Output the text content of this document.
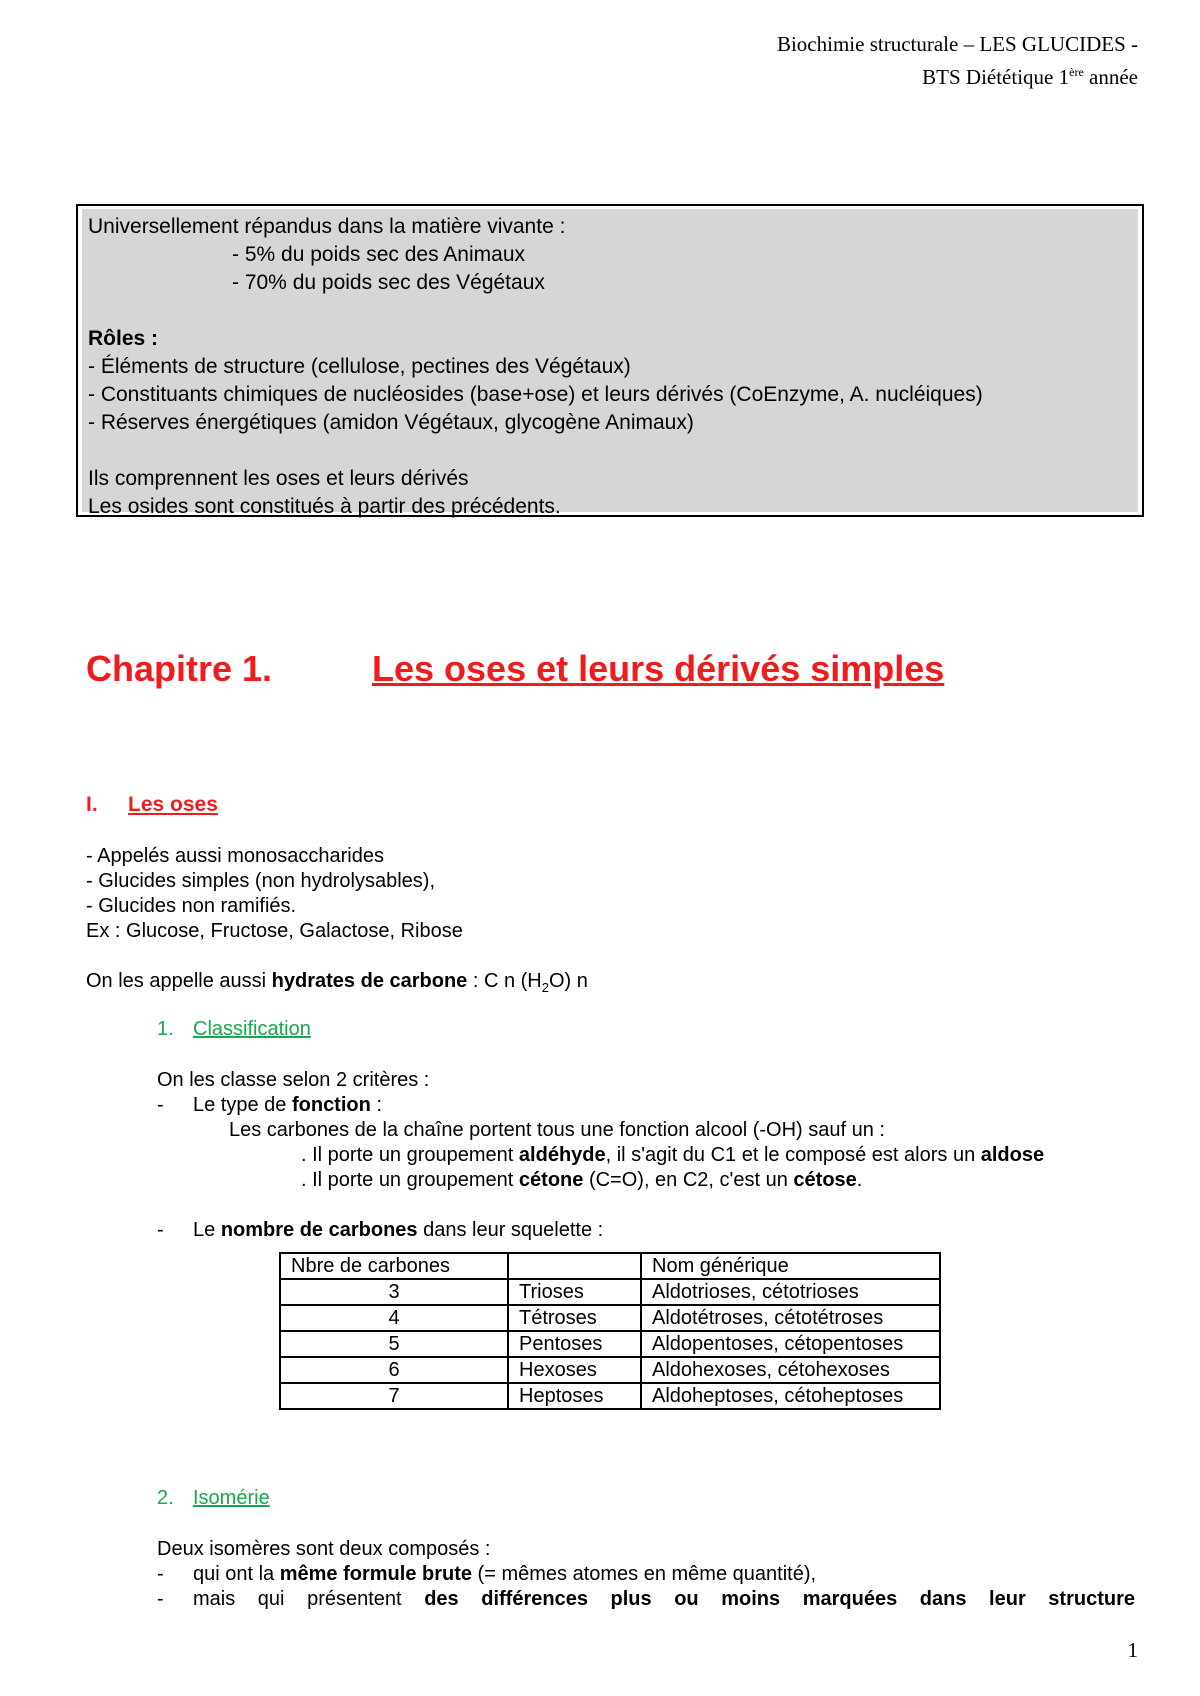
Biochimie structurale – LES GLUCIDES -
BTS Diététique 1ère année
Universellement répandus dans la matière vivante :
- 5% du poids sec des Animaux
- 70% du poids sec des Végétaux
Rôles :
- Éléments de structure (cellulose, pectines des Végétaux)
- Constituants chimiques de nucléosides (base+ose) et leurs dérivés (CoEnzyme, A. nucléiques)
- Réserves énergétiques (amidon Végétaux, glycogène Animaux)
Ils comprennent les oses et leurs dérivés
Les osides sont constitués à partir des précédents.
Chapitre 1.	Les oses et leurs dérivés simples
I. Les oses
- Appelés aussi monosaccharides
- Glucides simples (non hydrolysables),
- Glucides non ramifiés.
Ex : Glucose, Fructose, Galactose, Ribose
On les appelle aussi hydrates de carbone : C n $(H_2O)$ n
1. Classification
On les classe selon 2 critères :
- Le type de fonction :
Les carbones de la chaîne portent tous une fonction alcool (-OH) sauf un :
. Il porte un groupement aldéhyde, il s'agit du C1 et le composé est alors un aldose
. Il porte un groupement cétone (C=O), en C2, c'est un cétose.
- Le nombre de carbones dans leur squelette :
Nbre de carbones		Nom générique
3	Trioses	Aldotrioses, cétotrioses
4	Tétroses	Aldotétroses, cétotétroses
5	Pentoses	Aldopentoses, cétopentoses
6	Hexoses	Aldohexoses, cétohexoses
7	Heptoses	Aldoheptoses, cétoheptoses
2. Isomérie
Deux isomères sont deux composés :
- qui ont la même formule brute (= mêmes atomes en même quantité),
-	mais qui présentent des différences plus ou moins marquées dans leur structure
1
